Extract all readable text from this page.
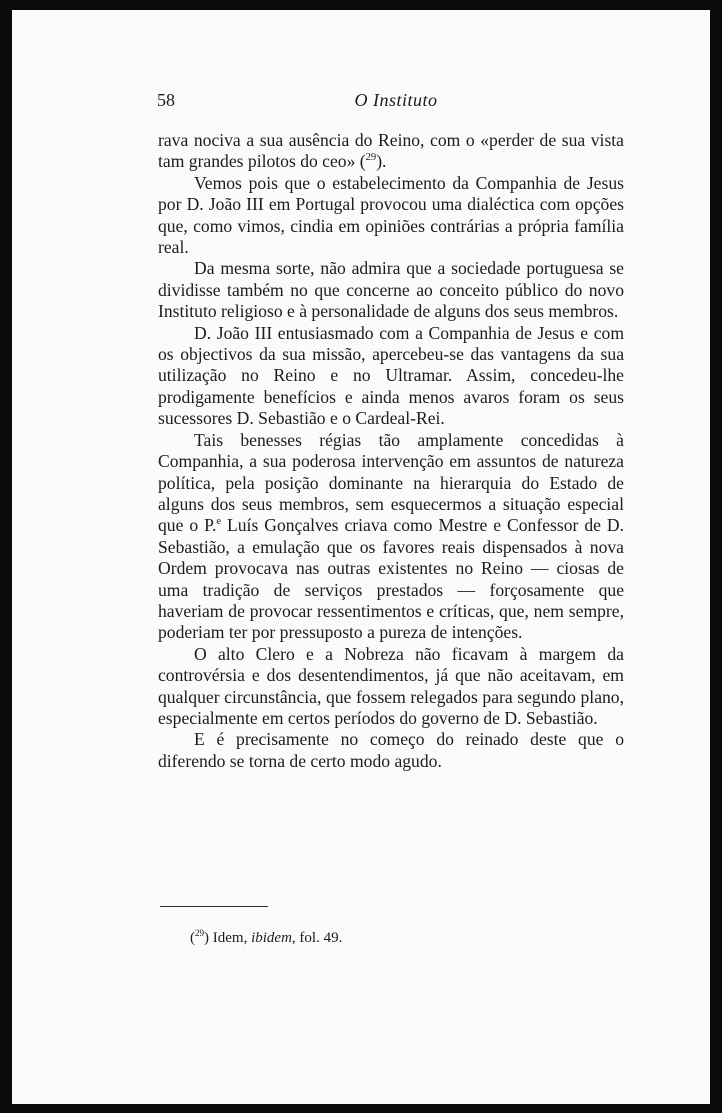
58	O Instituto

rava nociva a sua ausência do Reino, com o «perder de sua vista tam grandes pilotos do ceo» ($^{29}$).

Vemos pois que o estabelecimento da Companhia de Jesus por D. João III em Portugal provocou uma dialéctica com opções que, como vimos, cindia em opiniões contrárias a própria família real.

Da mesma sorte, não admira que a sociedade portuguesa se dividisse também no que concerne ao conceito público do novo Instituto religioso e à personalidade de alguns dos seus membros.

D. João III entusiasmado com a Companhia de Jesus e com os objectivos da sua missão, apercebeu-se das vantagens da sua utilização no Reino e no Ultramar. Assim, concedeu-lhe prodigamente benefícios e ainda menos avaros foram os seus sucessores D. Sebastião e o Cardeal-Rei.

Tais benesses régias tão amplamente concedidas à Companhia, a sua poderosa intervenção em assuntos de natureza política, pela posição dominante na hierarquia do Estado de alguns dos seus membros, sem esquecermos a situação especial que o P.$^e$ Luís Gonçalves criava como Mestre e Confessor de D. Sebastião, a emulação que os favores reais dispensados à nova Ordem provocava nas outras existentes no Reino — ciosas de uma tradição de serviços prestados — forçosamente que haveriam de provocar ressentimentos e críticas, que, nem sempre, poderiam ter por pressuposto a pureza de intenções.

O alto Clero e a Nobreza não ficavam à margem da controvérsia e dos desentendimentos, já que não aceitavam, em qualquer circunstância, que fossem relegados para segundo plano, especialmente em certos períodos do governo de D. Sebastião.

E é precisamente no começo do reinado deste que o diferendo se torna de certo modo agudo.

($^{29}$) Idem, ibidem, fol. 49.
